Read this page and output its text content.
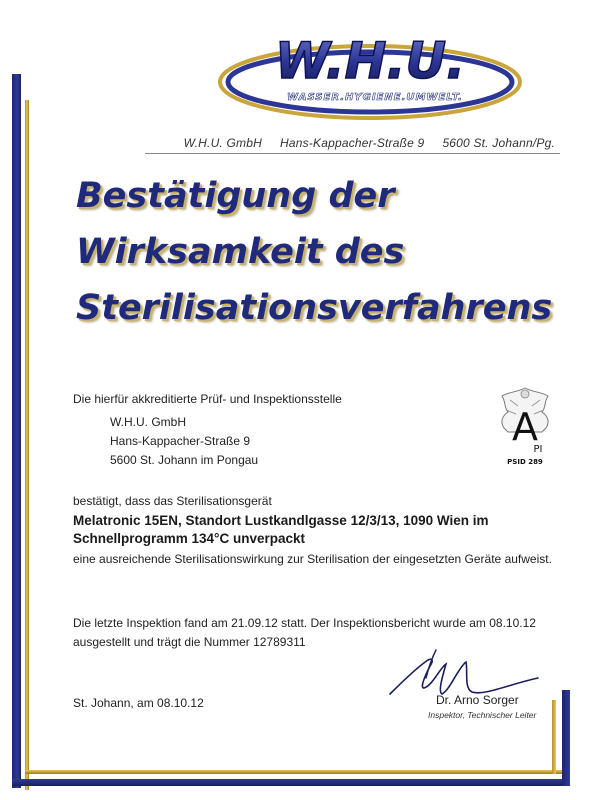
W.H.U.
WASSER.HYGIENE.UMWELT.
W.H.U. GmbH Hans-Kappacher-Straße 9 5600 St. Johann/Pg.
Bestätigung der
Wirksamkeit des
Sterilisationsverfahrens
Die hierfür akkreditierte Prüf- und Inspektionsstelle
W.H.U. GmbH
Hans-Kappacher-Straße 9
5600 St. Johann im Pongau
A
PI
PSID 289
bestätigt, dass das Sterilisationsgerät
Melatronic 15EN, Standort Lustkandlgasse 12/3/13, 1090 Wien im
Schnellprogramm 134°C unverpackt
eine ausreichende Sterilisationswirkung zur Sterilisation der eingesetzten Geräte aufweist.
Die letzte Inspektion fand am 21.09.12 statt. Der Inspektionsbericht wurde am 08.10.12
ausgestellt und trägt die Nummer 12789311
St. Johann, am 08.10.12	Dr. Arno Sorger
Inspektor, Technischer Leiter
